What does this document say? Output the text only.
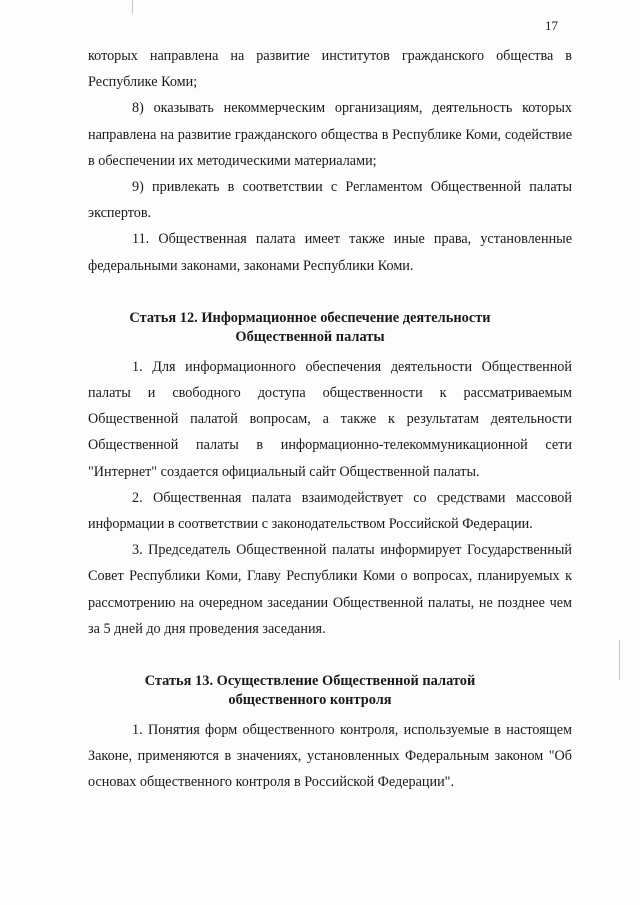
17

которых направлена на развитие институтов гражданского общества в Республике Коми;

8) оказывать некоммерческим организациям, деятельность которых направлена на развитие гражданского общества в Республике Коми, содействие в обеспечении их методическими материалами;

9) привлекать в соответствии с Регламентом Общественной палаты экспертов.

11. Общественная палата имеет также иные права, установленные федеральными законами, законами Республики Коми.

Статья 12. Информационное обеспечение деятельности
Общественной палаты

1. Для информационного обеспечения деятельности Общественной палаты и свободного доступа общественности к рассматриваемым Общественной палатой вопросам, а также к результатам деятельности Общественной палаты в информационно-телекоммуникационной сети "Интернет" создается официальный сайт Общественной палаты.

2. Общественная палата взаимодействует со средствами массовой информации в соответствии с законодательством Российской Федерации.

3. Председатель Общественной палаты информирует Государственный Совет Республики Коми, Главу Республики Коми о вопросах, планируемых к рассмотрению на очередном заседании Общественной палаты, не позднее чем за 5 дней до дня проведения заседания.

Статья 13. Осуществление Общественной палатой
общественного контроля

1. Понятия форм общественного контроля, используемые в настоящем Законе, применяются в значениях, установленных Федеральным законом "Об основах общественного контроля в Российской Федерации".
